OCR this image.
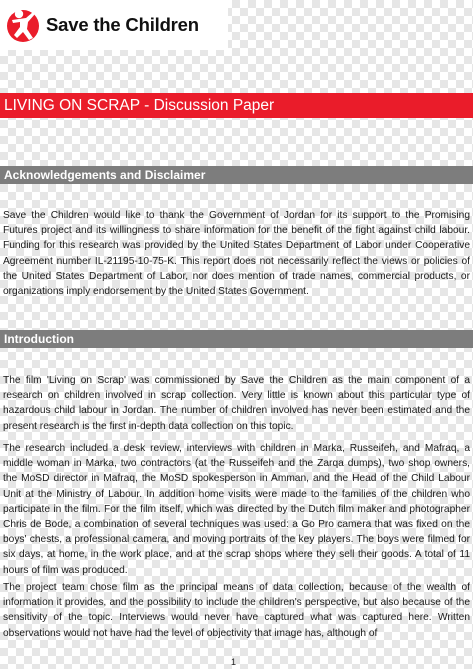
Save the Children
LIVING ON SCRAP - Discussion Paper
Acknowledgements and Disclaimer

Save the Children would like to thank the Government of Jordan for its support to the Promising Futures project and its willingness to share information for the benefit of the fight against child labour. Funding for this research was provided by the United States Department of Labor under Cooperative Agreement number IL-21195-10-75-K. This report does not necessarily reflect the views or policies of the United States Department of Labor, nor does mention of trade names, commercial products, or organizations imply endorsement by the United States Government.

Introduction

The film 'Living on Scrap' was commissioned by Save the Children as the main component of a research on children involved in scrap collection. Very little is known about this particular type of hazardous child labour in Jordan. The number of children involved has never been estimated and the present research is the first in-depth data collection on this topic.

The research included a desk review, interviews with children in Marka, Russeifeh, and Mafraq, a middle woman in Marka, two contractors (at the Russeifeh and the Zarqa dumps), two shop owners, the MoSD director in Mafraq, the MoSD spokesperson in Amman, and the Head of the Child Labour Unit at the Ministry of Labour. In addition home visits were made to the families of the children who participate in the film. For the film itself, which was directed by the Dutch film maker and photographer Chris de Bode, a combination of several techniques was used: a Go Pro camera that was fixed on the boys' chests, a professional camera, and moving portraits of the key players. The boys were filmed for six days, at home, in the work place, and at the scrap shops where they sell their goods. A total of 11 hours of film was produced.

The project team chose film as the principal means of data collection, because of the wealth of information it provides, and the possibility to include the children's perspective, but also because of the sensitivity of the topic. Interviews would never have captured what was captured here. Written observations would not have had the level of objectivity that image has, although of

1
